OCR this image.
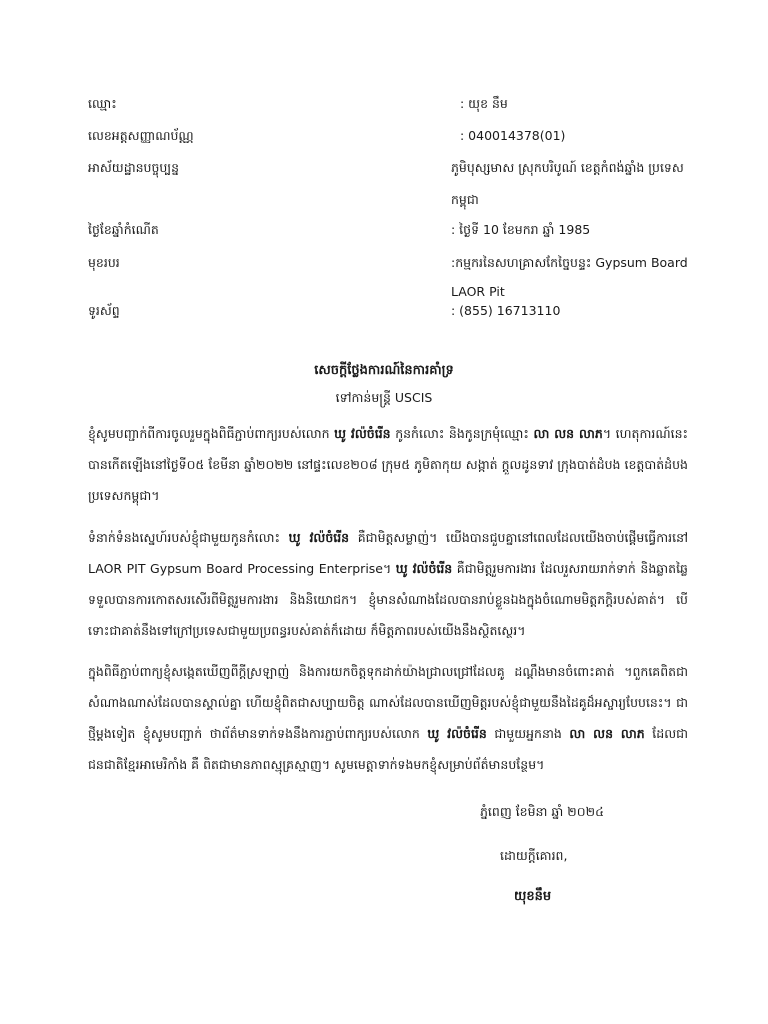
ឈ្មោះ	: យុខ នឹម
លេខអត្តសញ្ញាណប័ណ្ណ	: 040014378(01)
អាស័យដ្ឋានបច្ចុប្បន្ន	ភូមិបុស្សមាស ស្រុកបរិបូណ៍ ខេត្តកំពង់ឆ្នាំង ប្រទេស
កម្ពុជា
ថ្ងៃខែឆ្នាំកំណើត	: ថ្ងៃទី 10 ខែមករា ឆ្នាំ 1985
មុខរបរ	:កម្មករនៃសហគ្រាសកែច្នៃបន្ទះ Gypsum Board
LAOR Pit
ទូរស័ព្ទ	: (855) 16713110
សេចក្តីថ្លែងការណ៍នៃការគាំទ្រ
ទៅកាន់មន្ត្រី USCIS
ខ្ញុំសូមបញ្ជាក់ពីការចូលរួមក្នុងពិធីភ្ជាប់ពាក្យរបស់លោក ឃូ វល៉ចំរើន កូនកំលោះ និងកូនក្រមុំឈ្មោះ លា លន លាភ។ ហេតុការណ៍នេះបានកើតឡើងនៅថ្ងៃទី០៥ ខែមីនា ឆ្នាំ២០២២ នៅផ្ទះលេខ២០៨ ក្រុម៥ ភូមិតាកុយ សង្កាត់ ក្តួលដូនទាវ ក្រុងបាត់ដំបង ខេត្តបាត់ដំបង ប្រទេសកម្ពុជា។
ទំនាក់ទំនងស្នេហ៍របស់ខ្ញុំជាមួយកូនកំលោះ ឃូ វល៉ចំរើន គឺជាមិត្តសម្លាញ់។ យើងបានជួបគ្នានៅពេលដែលយើងចាប់ផ្តើមធ្វើការនៅ LAOR PIT Gypsum Board Processing Enterprise។ ឃូ វល៉ចំរើន គឺជាមិត្តរួមការងារ ដែលរួសរាយរាក់ទាក់ និងឆ្លាតឆ្លៃ ទទួលបានការកោតសរសើរពីមិត្តរួមការងារ និងនិយោជក។ ខ្ញុំមានសំណាងដែលបានរាប់ខ្លួនឯងក្នុងចំណោមមិត្តភក្តិរបស់គាត់។ បើទោះជាគាត់នឹងទៅក្រៅប្រទេសជាមួយប្រពន្ធរបស់គាត់ក៏ដោយ ក៏មិត្តភាពរបស់យើងនឹងស្ថិតស្ថេរ។
ក្នុងពិធីភ្ជាប់ពាក្យខ្ញុំសង្កេតឃើញពីក្តីស្រឡាញ់ និងការយកចិត្តទុកដាក់យ៉ាងជ្រាលជ្រៅដែលគូ ដណ្តឹងមានចំពោះគាត់ ។ពួកគេពិតជាសំណាងណាស់ដែលបានស្គាល់គ្នា ហើយខ្ញុំពិតជាសប្បាយចិត្ត ណាស់ដែលបានឃើញមិត្តរបស់ខ្ញុំជាមួយនឹងដៃគូដ៏អស្ចារ្យបែបនេះ។ ជាថ្មីម្តងទៀត ខ្ញុំសូមបញ្ជាក់ ថាព័ត៌មានទាក់ទងនឹងការភ្ជាប់ពាក្យរបស់លោក ឃូ វល៉ចំរើន ជាមួយអ្នកនាង លា លន លាភ ដែលជាជនជាតិខ្មែរអាមេរិកាំង គឺ ពិតជាមានភាពស្មុគ្រស្មាញ។ សូមមេត្តាទាក់ទងមកខ្ញុំសម្រាប់ព័ត៌មានបន្ថែម។
ភ្នំពេញ ខែមិនា ឆ្នាំ ២០២៤
ដោយក្តីគោរព,
យុខនឹម
